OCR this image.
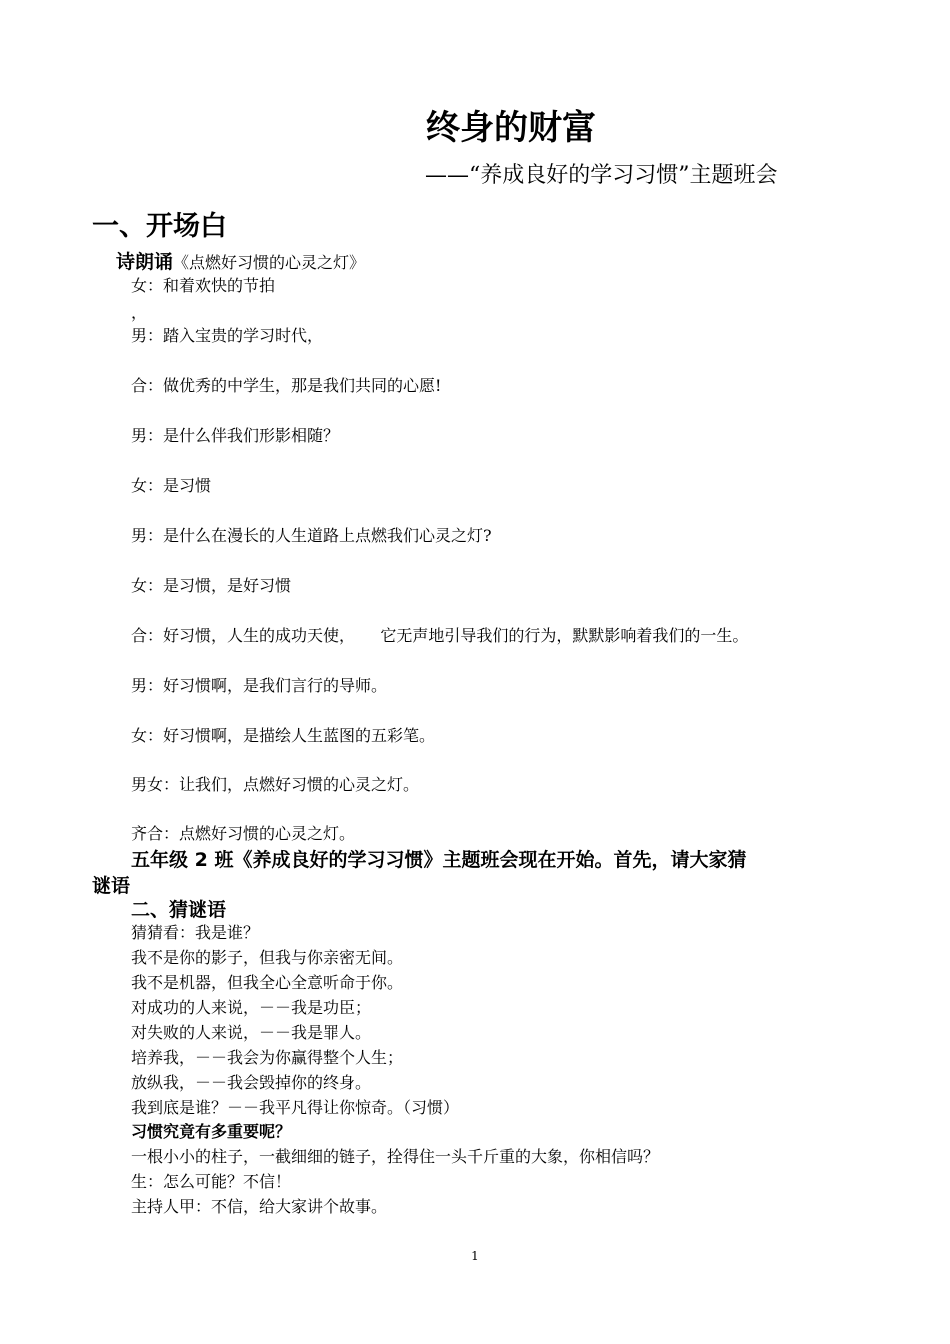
终身的财富
——“养成良好的学习习惯”主题班会
一、开场白
诗朗诵《点燃好习惯的心灵之灯》
女：和着欢快的节拍
，
男：踏入宝贵的学习时代，
合：做优秀的中学生，那是我们共同的心愿!
男：是什么伴我们形影相随？
女：是习惯
男：是什么在漫长的人生道路上点燃我们心灵之灯?
女：是习惯，是好习惯
合：好习惯，人生的成功天使，     它无声地引导我们的行为，默默影响着我们的一生。
男：好习惯啊，是我们言行的导师。
女：好习惯啊，是描绘人生蓝图的五彩笔。
男女：让我们，点燃好习惯的心灵之灯。
齐合：点燃好习惯的心灵之灯。
五年级 2 班《养成良好的学习习惯》主题班会现在开始。首先，请大家猜
谜语
二、猜谜语
猜猜看：我是谁？
我不是你的影子，但我与你亲密无间。
我不是机器，但我全心全意听命于你。
对成功的人来说，－－我是功臣；
对失败的人来说，－－我是罪人。
培养我，－－我会为你赢得整个人生；
放纵我，－－我会毁掉你的终身。
我到底是谁？－－我平凡得让你惊奇。（习惯）
习惯究竟有多重要呢？
一根小小的柱子，一截细细的链子，拴得住一头千斤重的大象，你相信吗？
生：怎么可能？不信！
主持人甲：不信，给大家讲个故事。
1
